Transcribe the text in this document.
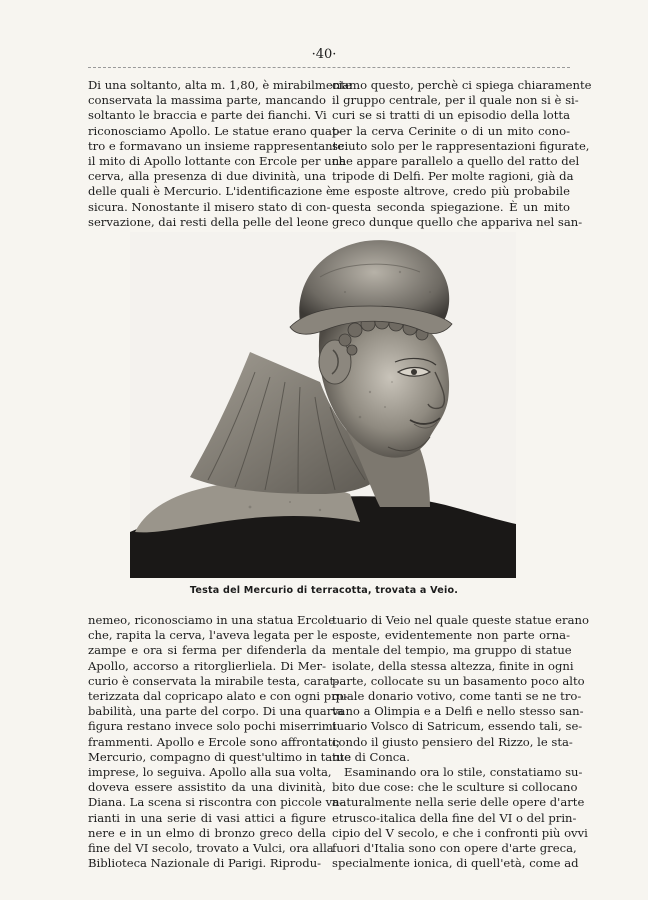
·40·

Di una soltanto, alta m. 1,80, è mirabilmente
conservata la massima parte, mancando
soltanto le braccia e parte dei fianchi. Vi
riconosciamo Apollo. Le statue erano quat-
tro e formavano un insieme rappresentante
il mito di Apollo lottante con Ercole per una
cerva, alla presenza di due divinità, una
delle quali è Mercurio. L'identificazione è
sicura. Nonostante il misero stato di con-
servazione, dai resti della pelle del leone

ciamo questo, perchè ci spiega chiaramente
il gruppo centrale, per il quale non si è si-
curi se si tratti di un episodio della lotta
per la cerva Cerinite o di un mito cono-
sciuto solo per le rappresentazioni figurate,
che appare parallelo a quello del ratto del
tripode di Delfi. Per molte ragioni, già da
me esposte altrove, credo più probabile
questa seconda spiegazione. È un mito
greco dunque quello che appariva nel san-

Testa del Mercurio di terracotta, trovata a Veio.

nemeo, riconosciamo in una statua Ercole
che, rapita la cerva, l'aveva legata per le
zampe e ora si ferma per difenderla da
Apollo, accorso a ritorglierliela. Di Mer-
curio è conservata la mirabile testa, carat-
terizzata dal copricapo alato e con ogni pro-
babilità, una parte del corpo. Di una quarta
figura restano invece solo pochi miserrimi
frammenti. Apollo e Ercole sono affrontati;
Mercurio, compagno di quest'ultimo in tante
imprese, lo seguiva. Apollo alla sua volta,
doveva essere assistito da una divinità,
Diana. La scena si riscontra con piccole va-
rianti in una serie di vasi attici a figure
nere e in un elmo di bronzo greco della
fine del VI secolo, trovato a Vulci, ora alla
Biblioteca Nazionale di Parigi. Riprodu-

tuario di Veio nel quale queste statue erano
esposte, evidentemente non parte orna-
mentale del tempio, ma gruppo di statue
isolate, della stessa altezza, finite in ogni
parte, collocate su un basamento poco alto
quale donario votivo, come tanti se ne tro-
vano a Olimpia e a Delfi e nello stesso san-
tuario Volsco di Satricum, essendo tali, se-
condo il giusto pensiero del Rizzo, le sta-
tue di Conca.

Esaminando ora lo stile, constatiamo su-
bito due cose: che le sculture si collocano
naturalmente nella serie delle opere d'arte
etrusco-italica della fine del VI o del prin-
cipio del V secolo, e che i confronti più ovvi
fuori d'Italia sono con opere d'arte greca,
specialmente ionica, di quell'età, come ad
